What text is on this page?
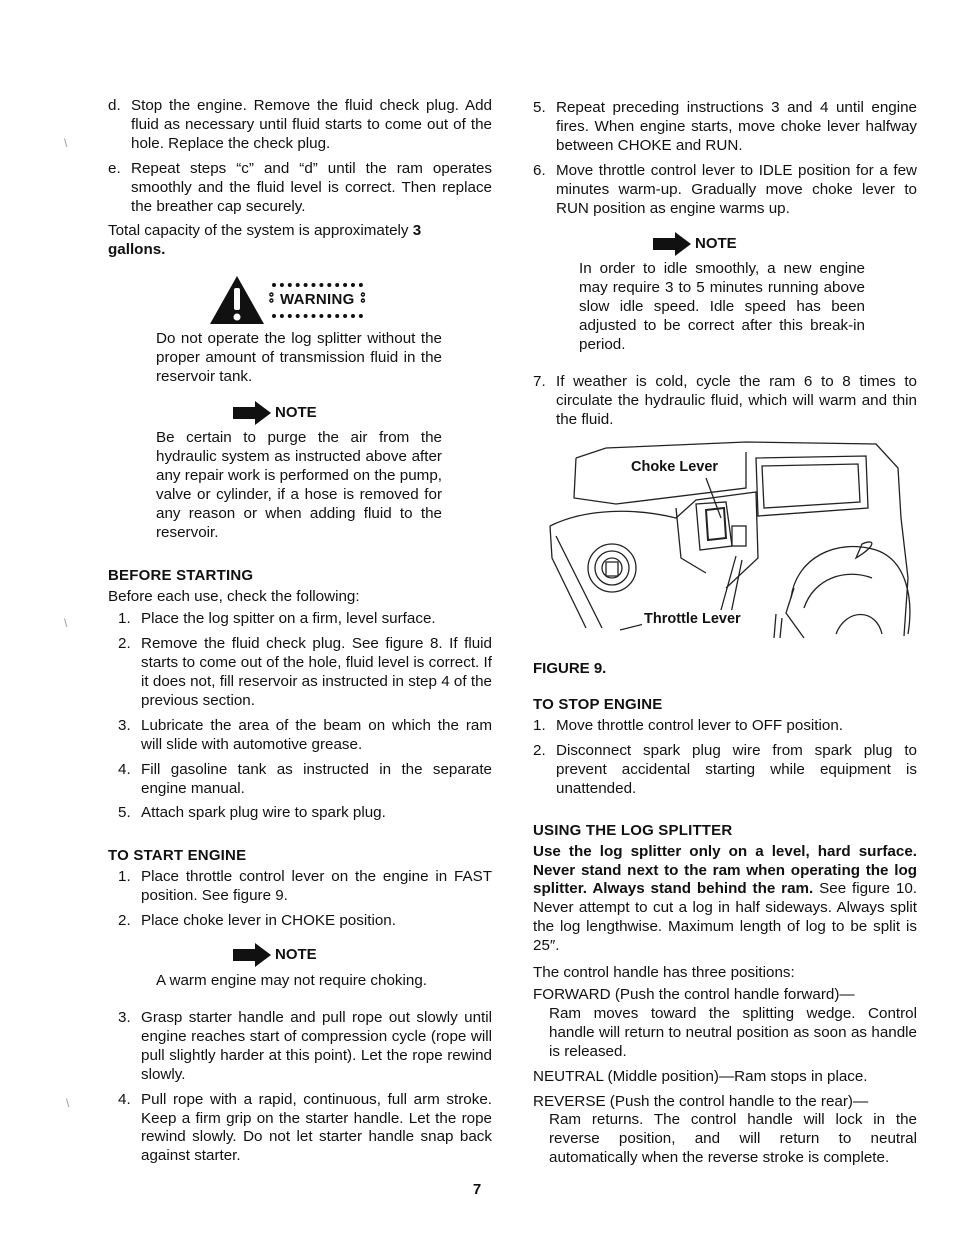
d. Stop the engine. Remove the fluid check plug. Add fluid as necessary until fluid starts to come out of the hole. Replace the check plug.
e. Repeat steps “c” and “d” until the ram operates smoothly and the fluid level is correct. Then replace the breather cap securely.

Total capacity of the system is approximately 3 gallons.

⦂ WARNING ⦂
Do not operate the log splitter without the proper amount of transmission fluid in the reservoir tank.
NOTE
Be certain to purge the air from the hydraulic system as instructed above after any repair work is performed on the pump, valve or cylinder, if a hose is removed for any reason or when adding fluid to the reservoir.
BEFORE STARTING

Before each use, check the following:

1. Place the log spitter on a firm, level surface.
2. Remove the fluid check plug. See figure 8. If fluid starts to come out of the hole, fluid level is correct. If it does not, fill reservoir as instructed in step 4 of the previous section.
3. Lubricate the area of the beam on which the ram will slide with automotive grease.
4. Fill gasoline tank as instructed in the separate engine manual.
5. Attach spark plug wire to spark plug.
TO START ENGINE
1. Place throttle control lever on the engine in FAST position. See figure 9.
2. Place choke lever in CHOKE position.
NOTE
A warm engine may not require choking.
3. Grasp starter handle and pull rope out slowly until engine reaches start of compression cycle (rope will pull slightly harder at this point). Let the rope rewind slowly.
4. Pull rope with a rapid, continuous, full arm stroke. Keep a firm grip on the starter handle. Let the rope rewind slowly. Do not let starter handle snap back against starter.
5. Repeat preceding instructions 3 and 4 until engine fires. When engine starts, move choke lever halfway between CHOKE and RUN.
6. Move throttle control lever to IDLE position for a few minutes warm-up. Gradually move choke lever to RUN position as engine warms up.
NOTE
In order to idle smoothly, a new engine may require 3 to 5 minutes running above slow idle speed. Idle speed has been adjusted to be correct after this break-in period.
7. If weather is cold, cycle the ram 6 to 8 times to circulate the hydraulic fluid, which will warm and thin the fluid.
Choke Lever
Throttle Lever
FIGURE 9.
TO STOP ENGINE
1. Move throttle control lever to OFF position.
2. Disconnect spark plug wire from spark plug to prevent accidental starting while equipment is unattended.
USING THE LOG SPLITTER

Use the log splitter only on a level, hard surface. Never stand next to the ram when operating the log splitter. Always stand behind the ram. See figure 10. Never attempt to cut a log in half sideways. Always split the log lengthwise. Maximum length of log to be split is 25″.

The control handle has three positions:

FORWARD (Push the control handle forward)—

Ram moves toward the splitting wedge. Control handle will return to neutral position as soon as handle is released.

NEUTRAL (Middle position)—Ram stops in place.

REVERSE (Push the control handle to the rear)—

Ram returns. The control handle will lock in the reverse position, and will return to neutral automatically when the reverse stroke is complete.

7
\
\
\
